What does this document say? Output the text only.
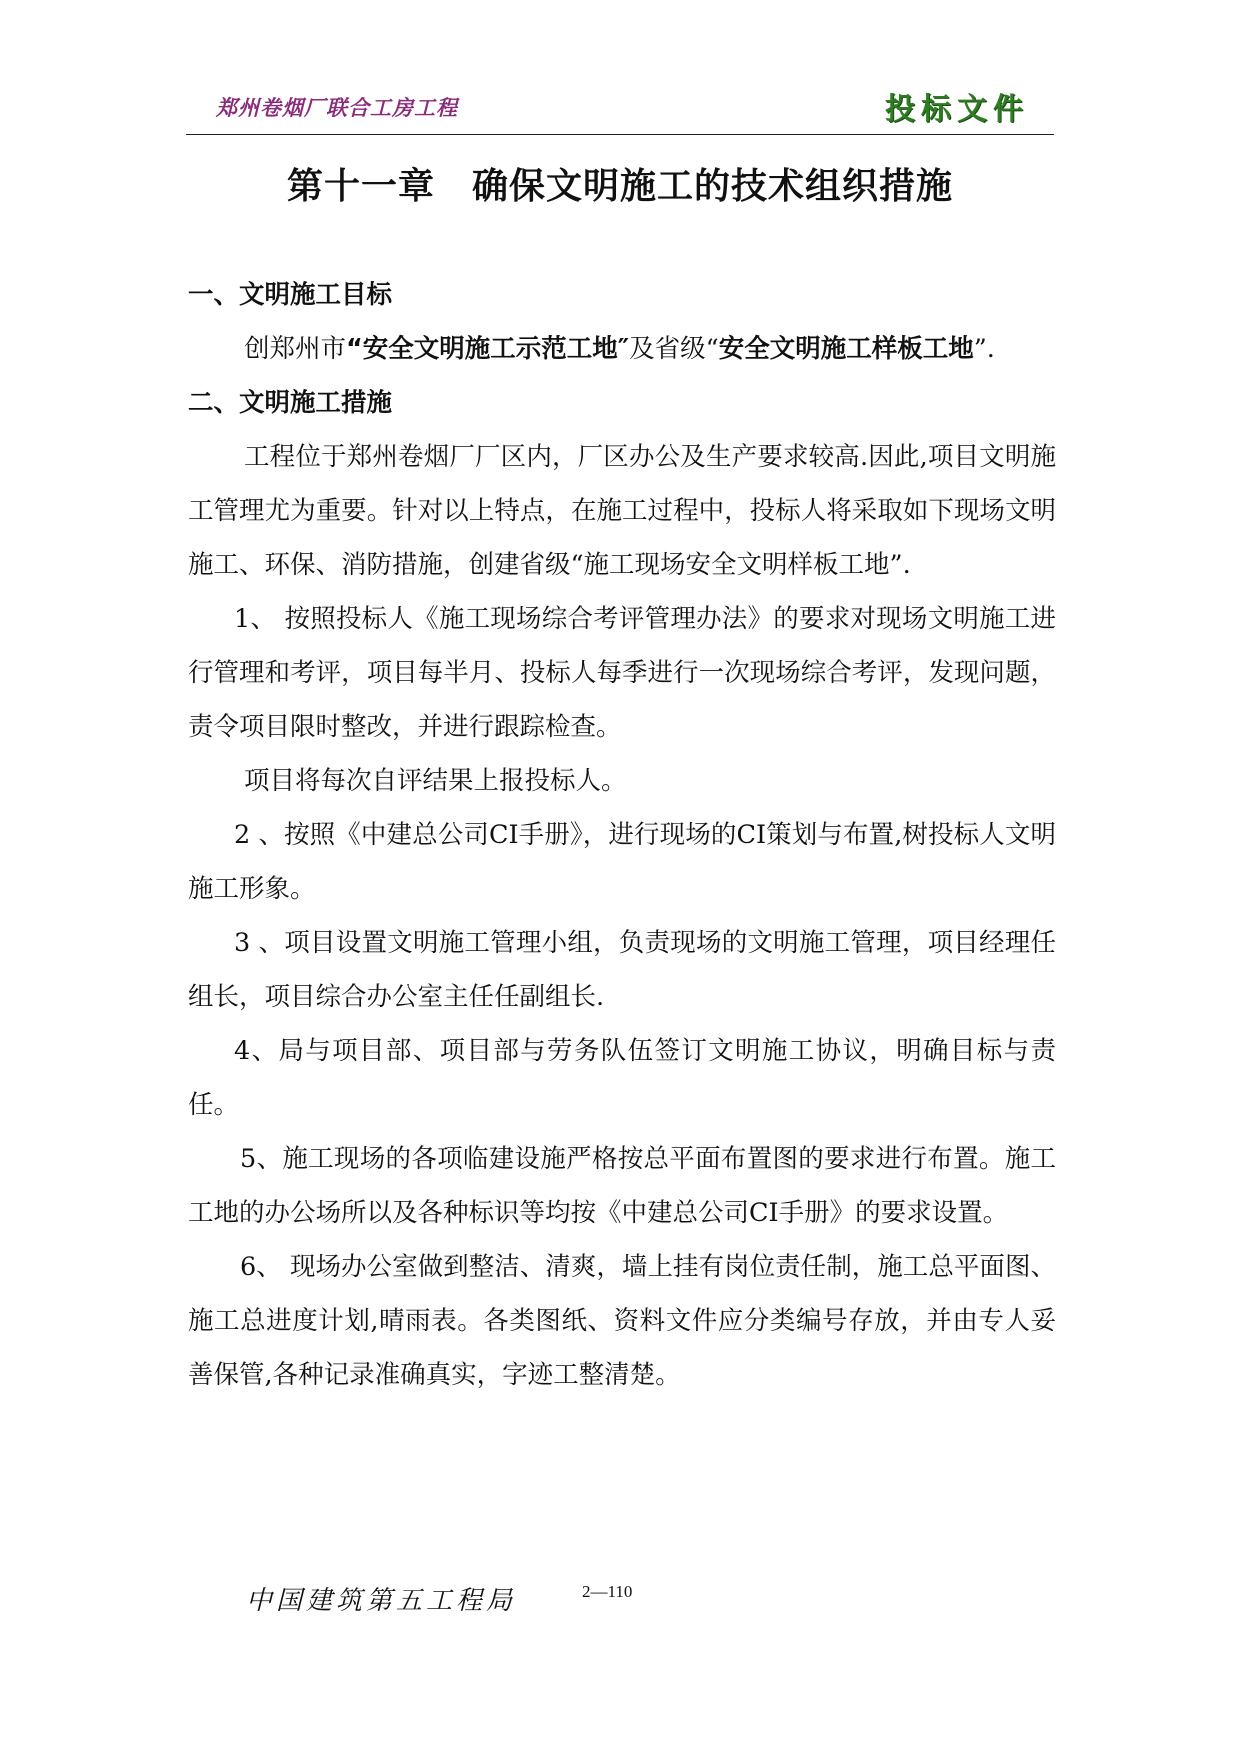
郑州卷烟厂联合工房工程	投标文件
第十一章　确保文明施工的技术组织措施

一、文明施工目标

创郑州市“安全文明施工示范工地″及省级“安全文明施工样板工地”.

二、文明施工措施

工程位于郑州卷烟厂厂区内，厂区办公及生产要求较高.因此,项目文明施工管理尤为重要。针对以上特点，在施工过程中，投标人将采取如下现场文明施工、环保、消防措施，创建省级“施工现场安全文明样板工地”.

1、 按照投标人《施工现场综合考评管理办法》的要求对现场文明施工进行管理和考评，项目每半月、投标人每季进行一次现场综合考评，发现问题，责令项目限时整改，并进行跟踪检查。

项目将每次自评结果上报投标人。

2 、按照《中建总公司CI手册》，进行现场的CI策划与布置,树投标人文明施工形象。

3 、项目设置文明施工管理小组，负责现场的文明施工管理，项目经理任组长，项目综合办公室主任任副组长.

4、局与项目部、项目部与劳务队伍签订文明施工协议，明确目标与责任。

5、施工现场的各项临建设施严格按总平面布置图的要求进行布置。施工工地的办公场所以及各种标识等均按《中建总公司CI手册》的要求设置。

6、 现场办公室做到整洁、清爽，墙上挂有岗位责任制，施工总平面图、施工总进度计划,晴雨表。各类图纸、资料文件应分类编号存放，并由专人妥善保管,各种记录准确真实，字迹工整清楚。

中国建筑第五工程局	2—110
